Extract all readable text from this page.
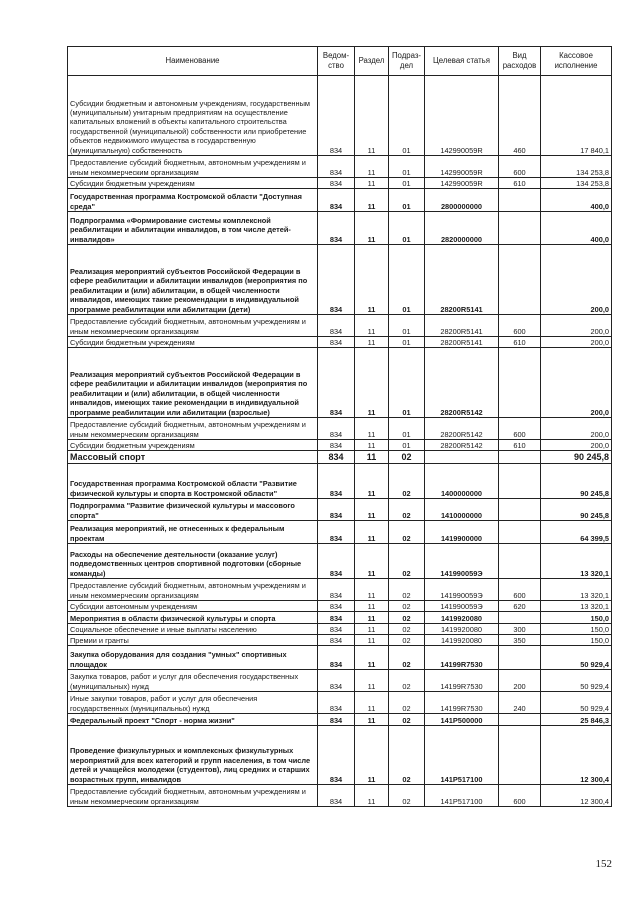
Наименование	Ведом-ство	Раздел	Подраз-дел	Целевая статья	Вид расходов	Кассовое исполнение
Субсидии бюджетным и автономным учреждениям, государственным (муниципальным) унитарным предприятиям на осуществление капитальных вложений в объекты капитального строительства государственной (муниципальной) собственности или приобретение объектов недвижимого имущества в государственную (муниципальную) собственность	834	11	01	142990059R	460	17 840,1
Предоставление субсидий бюджетным, автономным учреждениям и иным некоммерческим организациям	834	11	01	142990059R	600	134 253,8
Субсидии бюджетным учреждениям	834	11	01	142990059R	610	134 253,8
Государственная программа Костромской области "Доступная среда"	834	11	01	2800000000		400,0
Подпрограмма «Формирование системы комплексной реабилитации и абилитации инвалидов, в том числе детей-инвалидов»	834	11	01	2820000000		400,0
Реализация мероприятий субъектов Российской Федерации в сфере реабилитации и абилитации инвалидов (мероприятия по реабилитации и (или) абилитации, в общей численности инвалидов, имеющих такие рекомендации в индивидуальной программе реабилитации или абилитации (дети)	834	11	01	28200R5141		200,0
Предоставление субсидий бюджетным, автономным учреждениям и иным некоммерческим организациям	834	11	01	28200R5141	600	200,0
Субсидии бюджетным учреждениям	834	11	01	28200R5141	610	200,0
Реализация мероприятий субъектов Российской Федерации в сфере реабилитации и абилитации инвалидов (мероприятия по реабилитации и (или) абилитации, в общей численности инвалидов, имеющих такие рекомендации в индивидуальной программе реабилитации или абилитации (взрослые)	834	11	01	28200R5142		200,0
Предоставление субсидий бюджетным, автономным учреждениям и иным некоммерческим организациям	834	11	01	28200R5142	600	200,0
Субсидии бюджетным учреждениям	834	11	01	28200R5142	610	200,0
Массовый спорт	834	11	02			90 245,8
Государственная программа Костромской области "Развитие физической культуры и спорта в Костромской области"	834	11	02	1400000000		90 245,8
Подпрограмма "Развитие физической культуры и массового спорта"	834	11	02	1410000000		90 245,8
Реализация мероприятий, не отнесенных к федеральным проектам	834	11	02	1419900000		64 399,5
Расходы на обеспечение деятельности (оказание услуг) подведомственных центров спортивной подготовки (сборные команды)	834	11	02	141990059Э		13 320,1
Предоставление субсидий бюджетным, автономным учреждениям и иным некоммерческим организациям	834	11	02	141990059Э	600	13 320,1
Субсидии автономным учреждениям	834	11	02	141990059Э	620	13 320,1
Мероприятия в области физической культуры и спорта	834	11	02	1419920080		150,0
Социальное обеспечение и иные выплаты населению	834	11	02	1419920080	300	150,0
Премии и гранты	834	11	02	1419920080	350	150,0
Закупка оборудования для создания "умных" спортивных площадок	834	11	02	14199R7530		50 929,4
Закупка товаров, работ и услуг для обеспечения государственных (муниципальных) нужд	834	11	02	14199R7530	200	50 929,4
Иные закупки товаров, работ и услуг для обеспечения государственных (муниципальных) нужд	834	11	02	14199R7530	240	50 929,4
Федеральный проект "Спорт - норма жизни"	834	11	02	141P500000		25 846,3
Проведение физкультурных и комплексных физкультурных мероприятий для всех категорий и групп населения, в том числе детей и учащейся молодежи (студентов), лиц средних и старших возрастных групп, инвалидов	834	11	02	141P517100		12 300,4
Предоставление субсидий бюджетным, автономным учреждениям и иным некоммерческим организациям	834	11	02	141P517100	600	12 300,4
152
